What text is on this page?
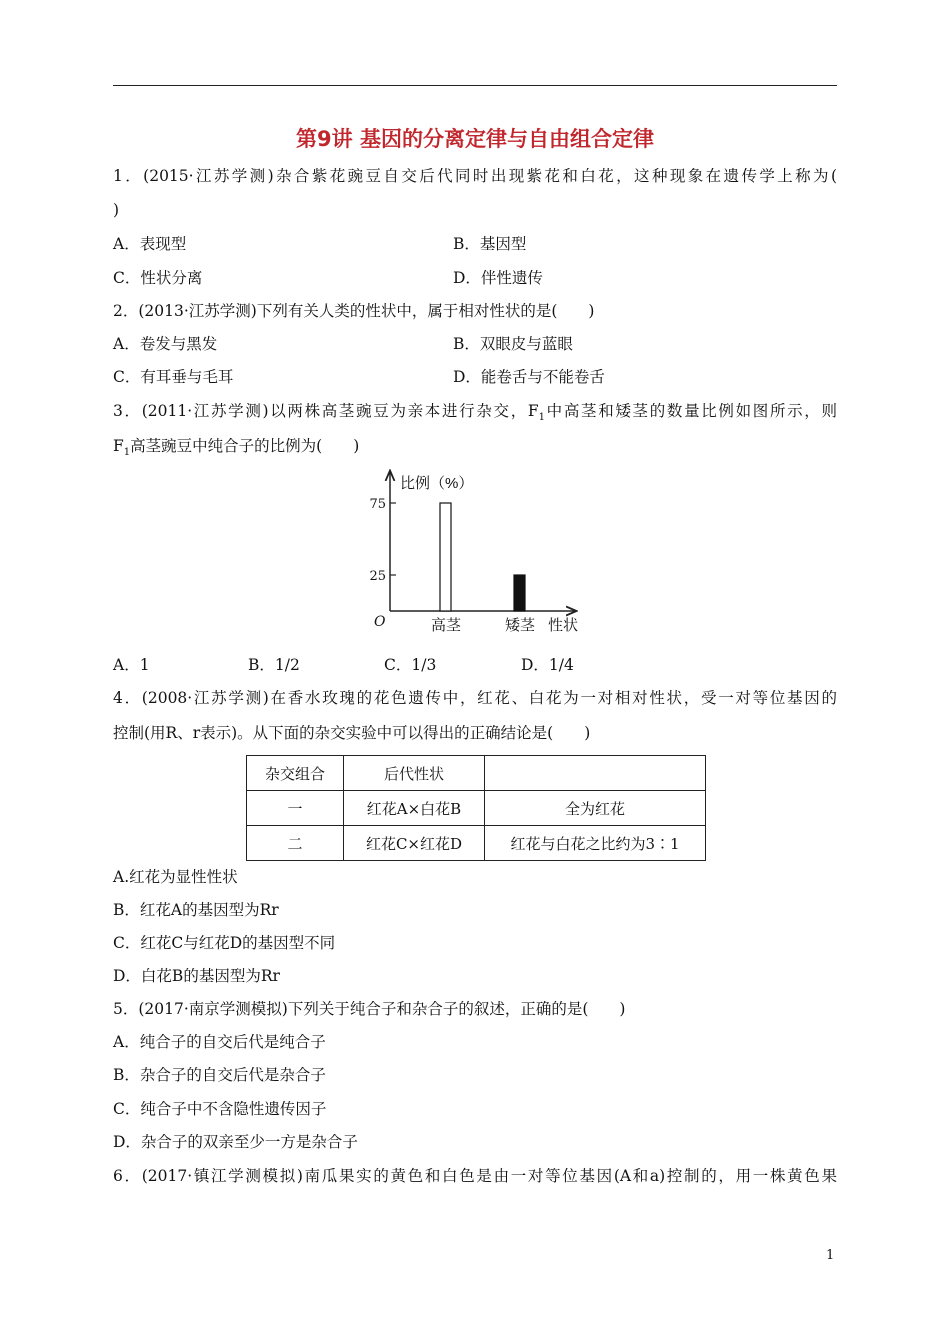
第9讲 基因的分离定律与自由组合定律
1．(2015·江苏学测)杂合紫花豌豆自交后代同时出现紫花和白花，这种现象在遗传学上称为(
)
A．表现型	B．基因型
C．性状分离	D．伴性遗传
2．(2013·江苏学测)下列有关人类的性状中，属于相对性状的是(　　)
A．卷发与黑发	B．双眼皮与蓝眼
C．有耳垂与毛耳	D．能卷舌与不能卷舌
3．(2011·江苏学测)以两株高茎豌豆为亲本进行杂交，$F_1$中高茎和矮茎的数量比例如图所示，则
$F_1$高茎豌豆中纯合子的比例为(　　)
比例（%）
O
75
25
高茎	矮茎 性状
A．1	B．1/2	C．1/3	D．1/4
4．(2008·江苏学测)在香水玫瑰的花色遗传中，红花、白花为一对相对性状，受一对等位基因的
控制(用R、r表示)。从下面的杂交实验中可以得出的正确结论是(　　)
杂交组合	后代性状	
一	红花A×白花B	全为红花
二	红花C×红花D	红花与白花之比约为3∶1
A.红花为显性性状
B．红花A的基因型为Rr
C．红花C与红花D的基因型不同
D．白花B的基因型为Rr
5．(2017·南京学测模拟)下列关于纯合子和杂合子的叙述，正确的是(　　)
A．纯合子的自交后代是纯合子
B．杂合子的自交后代是杂合子
C．纯合子中不含隐性遗传因子
D．杂合子的双亲至少一方是杂合子
6．(2017·镇江学测模拟)南瓜果实的黄色和白色是由一对等位基因(A和a)控制的，用一株黄色果
1
